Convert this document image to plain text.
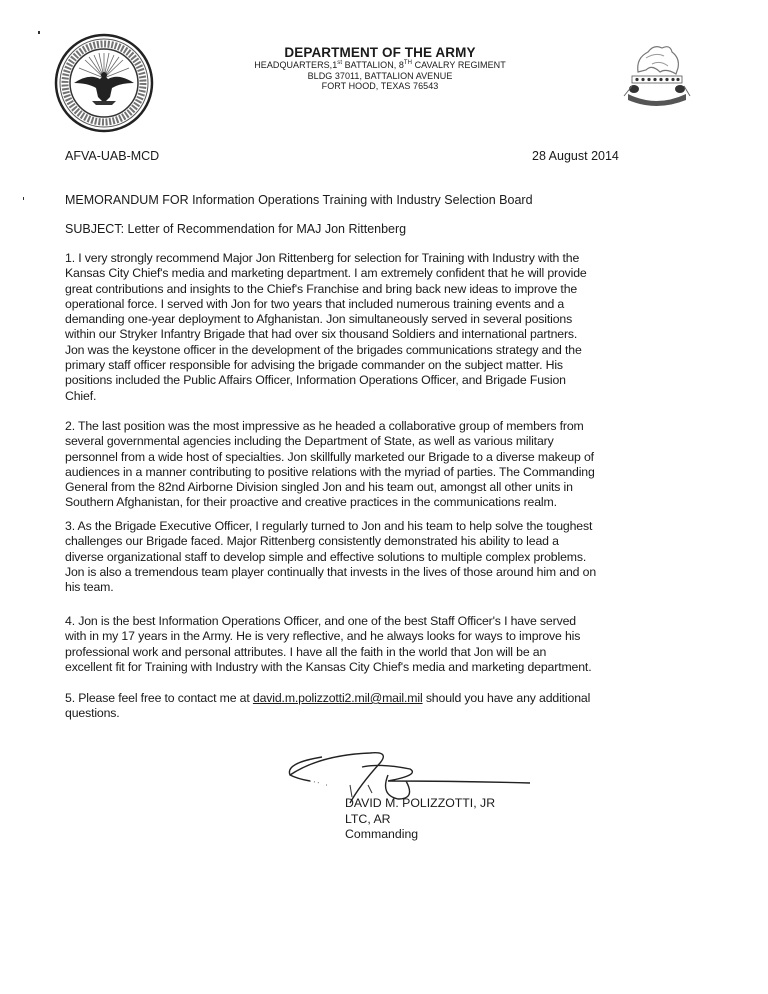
DEPARTMENT OF THE ARMY
HEADQUARTERS,1st BATTALION, 8TH CAVALRY REGIMENT
BLDG 37011, BATTALION AVENUE
FORT HOOD, TEXAS 76543
AFVA-UAB-MCD	28 August 2014
MEMORANDUM FOR Information Operations Training with Industry Selection Board
SUBJECT: Letter of Recommendation for MAJ Jon Rittenberg
1. I very strongly recommend Major Jon Rittenberg for selection for Training with Industry with the
Kansas City Chief's media and marketing department. I am extremely confident that he will provide
great contributions and insights to the Chief's Franchise and bring back new ideas to improve the
operational force. I served with Jon for two years that included numerous training events and a
demanding one-year deployment to Afghanistan. Jon simultaneously served in several positions
within our Stryker Infantry Brigade that had over six thousand Soldiers and international partners.
Jon was the keystone officer in the development of the brigades communications strategy and the
primary staff officer responsible for advising the brigade commander on the subject matter. His
positions included the Public Affairs Officer, Information Operations Officer, and Brigade Fusion
Chief.
2. The last position was the most impressive as he headed a collaborative group of members from
several governmental agencies including the Department of State, as well as various military
personnel from a wide host of specialties. Jon skillfully marketed our Brigade to a diverse makeup of
audiences in a manner contributing to positive relations with the myriad of parties. The Commanding
General from the 82nd Airborne Division singled Jon and his team out, amongst all other units in
Southern Afghanistan, for their proactive and creative practices in the communications realm.
3. As the Brigade Executive Officer, I regularly turned to Jon and his team to help solve the toughest
challenges our Brigade faced. Major Rittenberg consistently demonstrated his ability to lead a
diverse organizational staff to develop simple and effective solutions to multiple complex problems.
Jon is also a tremendous team player continually that invests in the lives of those around him and on
his team.
4. Jon is the best Information Operations Officer, and one of the best Staff Officer's I have served
with in my 17 years in the Army. He is very reflective, and he always looks for ways to improve his
professional work and personal attributes. I have all the faith in the world that Jon will be an
excellent fit for Training with Industry with the Kansas City Chief's media and marketing department.
5. Please feel free to contact me at david.m.polizzotti2.mil@mail.mil should you have any additional
questions.
DAVID M. POLIZZOTTI, JR
LTC, AR
Commanding
